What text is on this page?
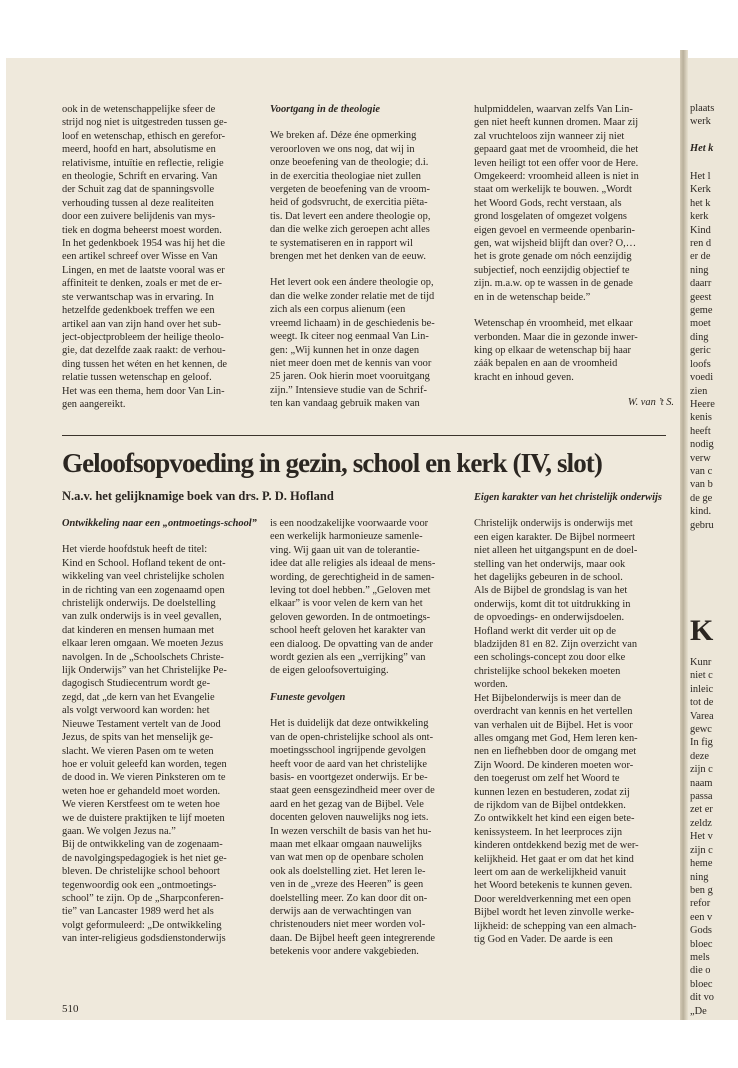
plaats
werk
Het k
Het l
Kerk
het k
kerk
Kind
ren d
er de
ning
daarr
geest
geme
moet
ding
geric
loofs
voedi
zien
Heere
kenis
heeft
nodig
verw
van c
van b
de ge
kind.
gebru
K
Kunr
niet c
inleic
tot de
Varea
gewc
In fig
deze
zijn c
naam
passa
zet er
zeldz
Het v
zijn c
heme
ning
ben g
refor
een v
Gods
bloec
mels
die o
bloec
dit vo
„De

ook in de wetenschappelijke sfeer de
strijd nog niet is uitgestreden tussen ge-
loof en wetenschap, ethisch en gerefor-
meerd, hoofd en hart, absolutisme en
relativisme, intuïtie en reflectie, religie
en theologie, Schrift en ervaring. Van
der Schuit zag dat de spanningsvolle
verhouding tussen al deze realiteiten
door een zuivere belijdenis van mys-
tiek en dogma beheerst moest worden.
In het gedenkboek 1954 was hij het die
een artikel schreef over Wisse en Van
Lingen, en met de laatste vooral was er
affiniteit te denken, zoals er met de er-
ste verwantschap was in ervaring. In
hetzelfde gedenkboek treffen we een
artikel aan van zijn hand over het sub-
ject-objectprobleem der heilige theolo-
gie, dat dezelfde zaak raakt: de verhou-
ding tussen het wéten en het kennen, de
relatie tussen wetenschap en geloof.
Het was een thema, hem door Van Lin-
gen aangereikt.

Voortgang in de theologie

We breken af. Déze éne opmerking
veroorloven we ons nog, dat wij in
onze beoefening van de theologie; d.i.
in de exercitia theologiae niet zullen
vergeten de beoefening van de vroom-
heid of godsvrucht, de exercitia piëta-
tis. Dat levert een andere theologie op,
dan die welke zich geroepen acht alles
te systematiseren en in rapport wil
brengen met het denken van de eeuw.

Het levert ook een ándere theologie op,
dan die welke zonder relatie met de tijd
zich als een corpus alienum (een
vreemd lichaam) in de geschiedenis be-
weegt. Ik citeer nog eenmaal Van Lin-
gen: „Wij kunnen het in onze dagen
niet meer doen met de kennis van voor
25 jaren. Ook hierin moet vooruitgang
zijn.” Intensieve studie van de Schrif-
ten kan vandaag gebruik maken van

hulpmiddelen, waarvan zelfs Van Lin-
gen niet heeft kunnen dromen. Maar zij
zal vruchteloos zijn wanneer zij niet
gepaard gaat met de vroomheid, die het
leven heiligt tot een offer voor de Here.
Omgekeerd: vroomheid alleen is niet in
staat om werkelijk te bouwen. „Wordt
het Woord Gods, recht verstaan, als
grond losgelaten of omgezet volgens
eigen gevoel en vermeende openbarin-
gen, wat wijsheid blijft dan over? O,…
het is grote genade om nóch eenzijdig
subjectief, noch eenzijdig objectief te
zijn. m.a.w. op te wassen in de genade
en in de wetenschap beide.”

Wetenschap én vroomheid, met elkaar
verbonden. Maar die in gezonde inwer-
king op elkaar de wetenschap bij haar
záák bepalen en aan de vroomheid
kracht en inhoud geven.

W. van ’t S.

Geloofsopvoeding in gezin, school en kerk (IV, slot)
N.a.v. het gelijknamige boek van drs. P. D. Hofland

Ontwikkeling naar een „ontmoetings-school”

Het vierde hoofdstuk heeft de titel:
Kind en School. Hofland tekent de ont-
wikkeling van veel christelijke scholen
in de richting van een zogenaamd open
christelijk onderwijs. De doelstelling
van zulk onderwijs is in veel gevallen,
dat kinderen en mensen humaan met
elkaar leren omgaan. We moeten Jezus
navolgen. In de „Schoolschets Christe-
lijk Onderwijs” van het Christelijke Pe-
dagogisch Studiecentrum wordt ge-
zegd, dat „de kern van het Evangelie
als volgt verwoord kan worden: het
Nieuwe Testament vertelt van de Jood
Jezus, de spits van het menselijk ge-
slacht. We vieren Pasen om te weten
hoe er voluit geleefd kan worden, tegen
de dood in. We vieren Pinksteren om te
weten hoe er gehandeld moet worden.
We vieren Kerstfeest om te weten hoe
we de duistere praktijken te lijf moeten
gaan. We volgen Jezus na.”
Bij de ontwikkeling van de zogenaam-
de navolgingspedagogiek is het niet ge-
bleven. De christelijke school behoort
tegenwoordig ook een „ontmoetings-
school” te zijn. Op de „Sharpconferen-
tie” van Lancaster 1989 werd het als
volgt geformuleerd: „De ontwikkeling
van inter-religieus godsdienstonderwijs

is een noodzakelijke voorwaarde voor
een werkelijk harmonieuze samenle-
ving. Wij gaan uit van de tolerantie-
idee dat alle religies als ideaal de mens-
wording, de gerechtigheid in de samen-
leving tot doel hebben.” „Geloven met
elkaar” is voor velen de kern van het
geloven geworden. In de ontmoetings-
school heeft geloven het karakter van
een dialoog. De opvatting van de ander
wordt gezien als een „verrijking” van
de eigen geloofsovertuiging.

Funeste gevolgen

Het is duidelijk dat deze ontwikkeling
van de open-christelijke school als ont-
moetingsschool ingrijpende gevolgen
heeft voor de aard van het christelijke
basis- en voortgezet onderwijs. Er be-
staat geen eensgezindheid meer over de
aard en het gezag van de Bijbel. Vele
docenten geloven nauwelijks nog iets.
In wezen verschilt de basis van het hu-
maan met elkaar omgaan nauwelijks
van wat men op de openbare scholen
ook als doelstelling ziet. Het leren le-
ven in de „vreze des Heeren” is geen
doelstelling meer. Zo kan door dit on-
derwijs aan de verwachtingen van
christenouders niet meer worden vol-
daan. De Bijbel heeft geen integrerende
betekenis voor andere vakgebieden.

Eigen karakter van het christelijk onderwijs

Christelijk onderwijs is onderwijs met
een eigen karakter. De Bijbel normeert
niet alleen het uitgangspunt en de doel-
stelling van het onderwijs, maar ook
het dagelijks gebeuren in de school.
Als de Bijbel de grondslag is van het
onderwijs, komt dit tot uitdrukking in
de opvoedings- en onderwijsdoelen.
Hofland werkt dit verder uit op de
bladzijden 81 en 82. Zijn overzicht van
een scholings-concept zou door elke
christelijke school bekeken moeten
worden.
Het Bijbelonderwijs is meer dan de
overdracht van kennis en het vertellen
van verhalen uit de Bijbel. Het is voor
alles omgang met God, Hem leren ken-
nen en liefhebben door de omgang met
Zijn Woord. De kinderen moeten wor-
den toegerust om zelf het Woord te
kunnen lezen en bestuderen, zodat zij
de rijkdom van de Bijbel ontdekken.
Zo ontwikkelt het kind een eigen bete-
kenissysteem. In het leerproces zijn
kinderen ontdekkend bezig met de wer-
kelijkheid. Het gaat er om dat het kind
leert om aan de werkelijkheid vanuit
het Woord betekenis te kunnen geven.
Door wereldverkenning met een open
Bijbel wordt het leven zinvolle werke-
lijkheid: de schepping van een almach-
tig God en Vader. De aarde is een

510
